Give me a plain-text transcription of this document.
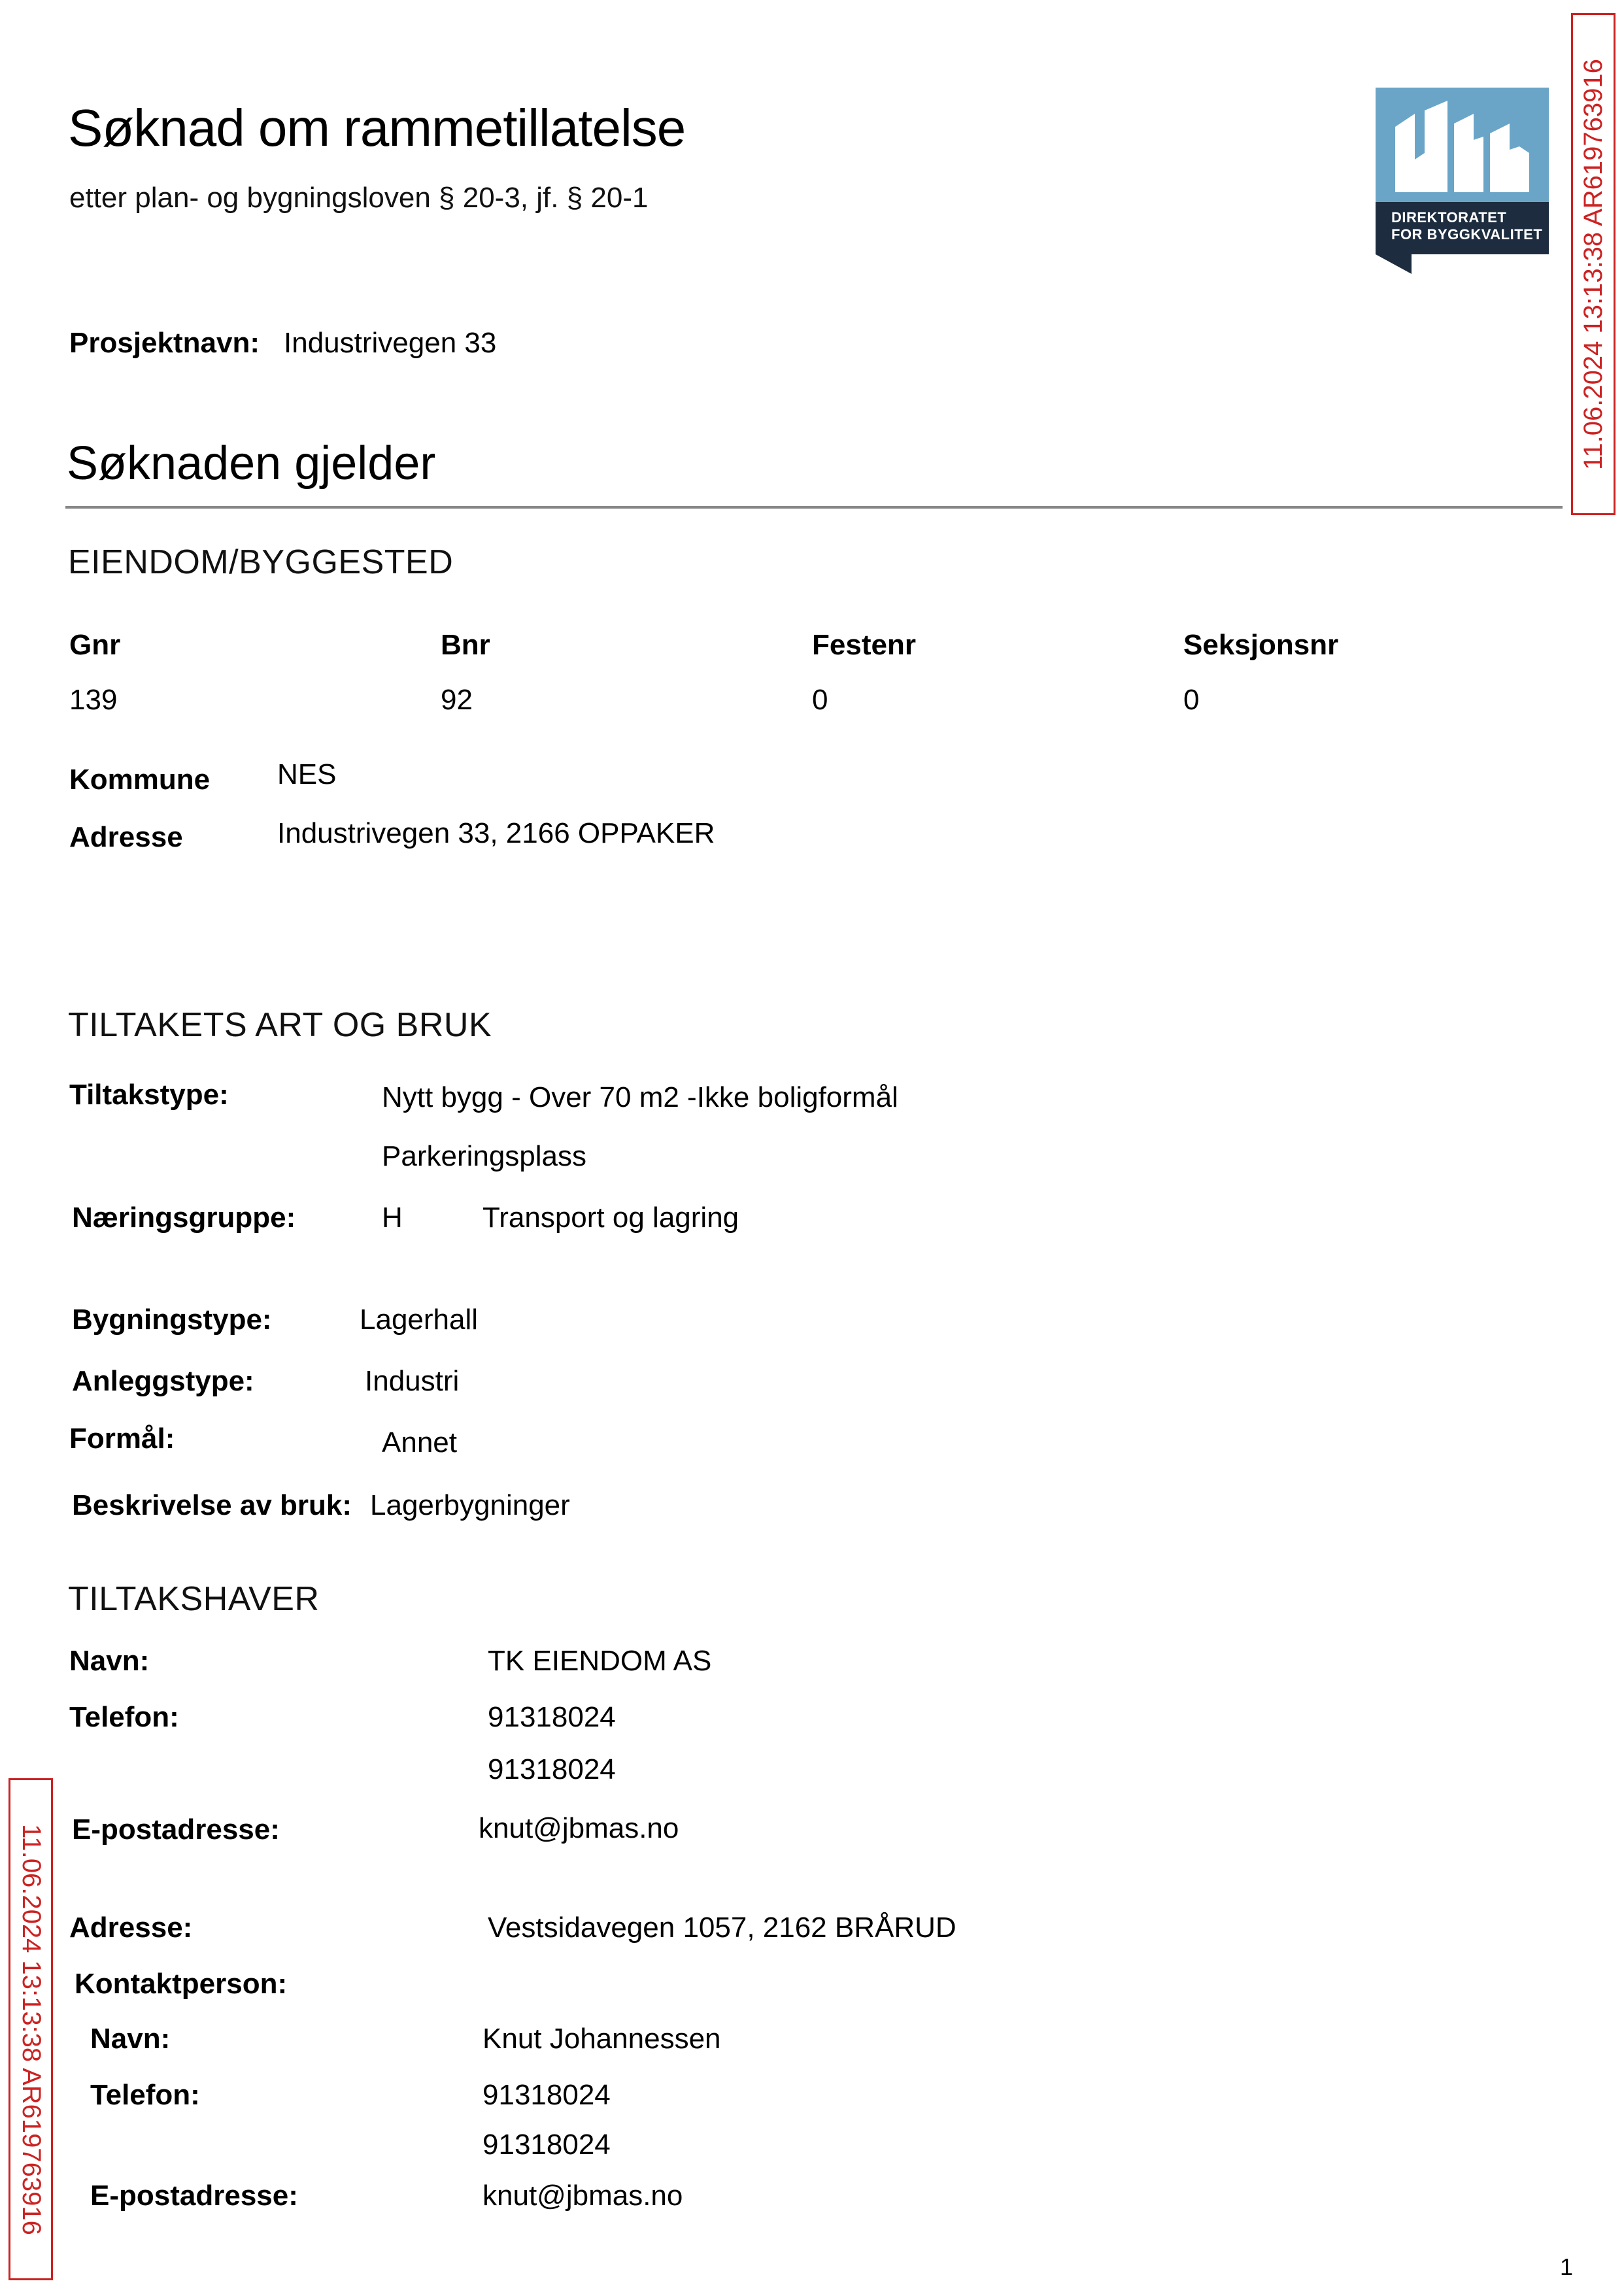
Søknad om rammetillatelse
etter plan- og bygningsloven § 20-3, jf. § 20-1
DIREKTORATET
FOR BYGGKVALITET
Prosjektnavn: Industrivegen 33
Søknaden gjelder
EIENDOM/BYGGESTED
Gnr	Bnr	Festenr	Seksjonsnr
139	92	0	0
Kommune NES
Adresse	Industrivegen 33, 2166 OPPAKER
TILTAKETS ART OG BRUK
Tiltakstype:	Nytt bygg - Over 70 m2 -Ikke boligformål
Parkeringsplass
Næringsgruppe:	H	Transport og lagring
Bygningstype:	Lagerhall
Anleggstype:	Industri
Formål:	Annet
Beskrivelse av bruk: Lagerbygninger
TILTAKSHAVER
Navn:	TK EIENDOM AS
Telefon:	91318024
91318024
E-postadresse:	knut@jbmas.no
Adresse:	Vestsidavegen 1057, 2162 BRÅRUD
Kontaktperson:
Navn:	Knut Johannessen
Telefon:	91318024
91318024
E-postadresse:	knut@jbmas.no
11.06.2024 13:13:38 AR619763916
11.06.2024 13:13:38 AR619763916
1
